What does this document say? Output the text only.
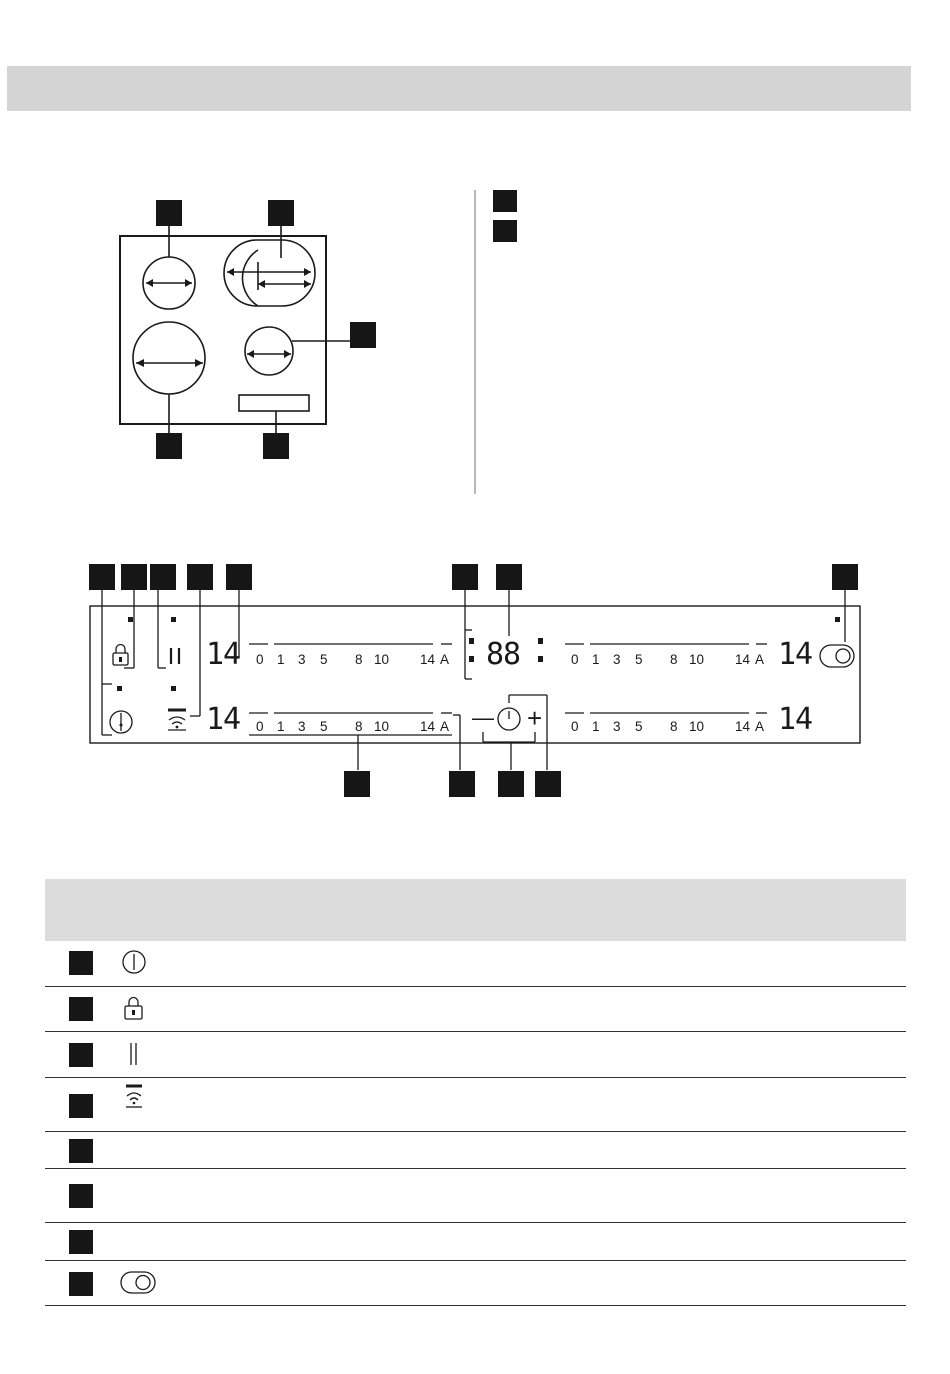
14
14
88	14
14
— +
0 1 3 5 8 10 14 A
0 1 3 5 8 10 14 A
0 1 3 5 8 10 14 A
0 1 3 5 8 10 14 A
